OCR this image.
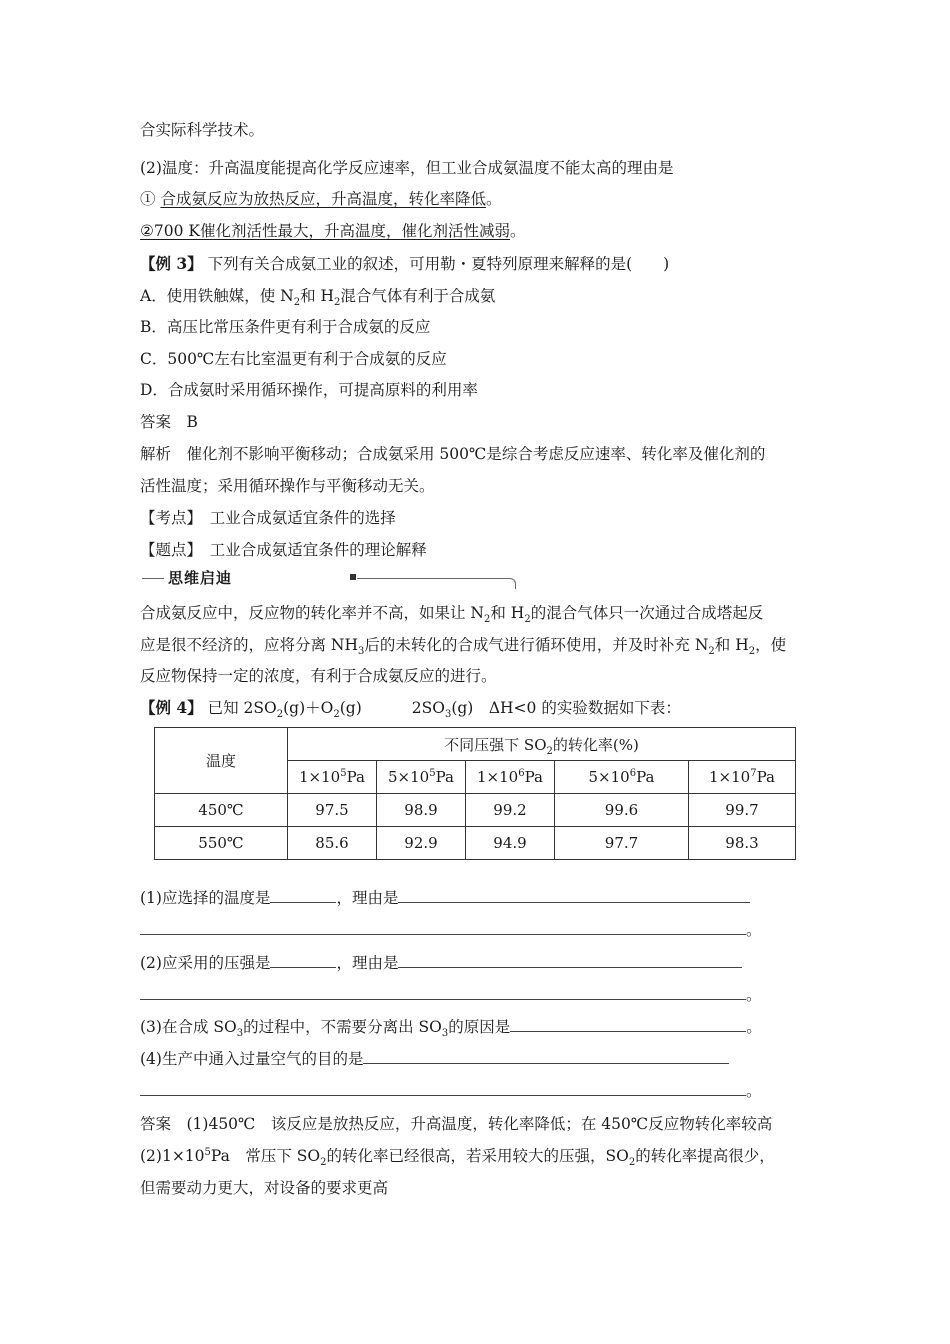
合实际科学技术。
(2)温度：升高温度能提高化学反应速率，但工业合成氨温度不能太高的理由是
① 合成氨反应为放热反应，升高温度，转化率降低。
②700 K催化剂活性最大，升高温度，催化剂活性减弱。
【例 3】 下列有关合成氨工业的叙述，可用勒・夏特列原理来解释的是(　　)
A．使用铁触媒，使 $N_2$和 $H_2$混合气体有利于合成氨
B．高压比常压条件更有利于合成氨的反应
C．500℃左右比室温更有利于合成氨的反应
D．合成氨时采用循环操作，可提高原料的利用率
答案　B
解析　催化剂不影响平衡移动；合成氨采用 500℃是综合考虑反应速率、转化率及催化剂的
活性温度；采用循环操作与平衡移动无关。
【考点】　工业合成氨适宜条件的选择
【题点】　工业合成氨适宜条件的理论解释
思维启迪
合成氨反应中，反应物的转化率并不高，如果让 $N_2$和 $H_2$的混合气体只一次通过合成塔起反
应是很不经济的，应将分离 $NH_3$后的未转化的合成气进行循环使用，并及时补充 $N_2$和 $H_2$，使
反应物保持一定的浓度，有利于合成氨反应的进行。
【例 4】 已知 $2SO_2(g)+O_2(g)$	$2SO_3(g)$　ΔH<0 的实验数据如下表：
温度	不同压强下 $SO_2$的转化率(%)				
	$1\times 10^5Pa$	$5\times 10^5Pa$	$1\times 10^6Pa$	$5\times 10^6Pa$	$1\times 10^7Pa$
450℃	97.5	98.9	99.2	99.6	99.7
550℃	85.6	92.9	94.9	97.7	98.3
(1)应选择的温度是	，理由是
。
(2)应采用的压强是	，理由是
。
(3)在合成 $SO_3$的过程中，不需要分离出 $SO_3$的原因是	。
(4)生产中通入过量空气的目的是
。
答案　(1)450℃　该反应是放热反应，升高温度，转化率降低；在 450℃反应物转化率较高
$(2)1\times 10^5Pa$　常压下 $SO_2$的转化率已经很高，若采用较大的压强，$SO_2$的转化率提高很少，
但需要动力更大，对设备的要求更高
